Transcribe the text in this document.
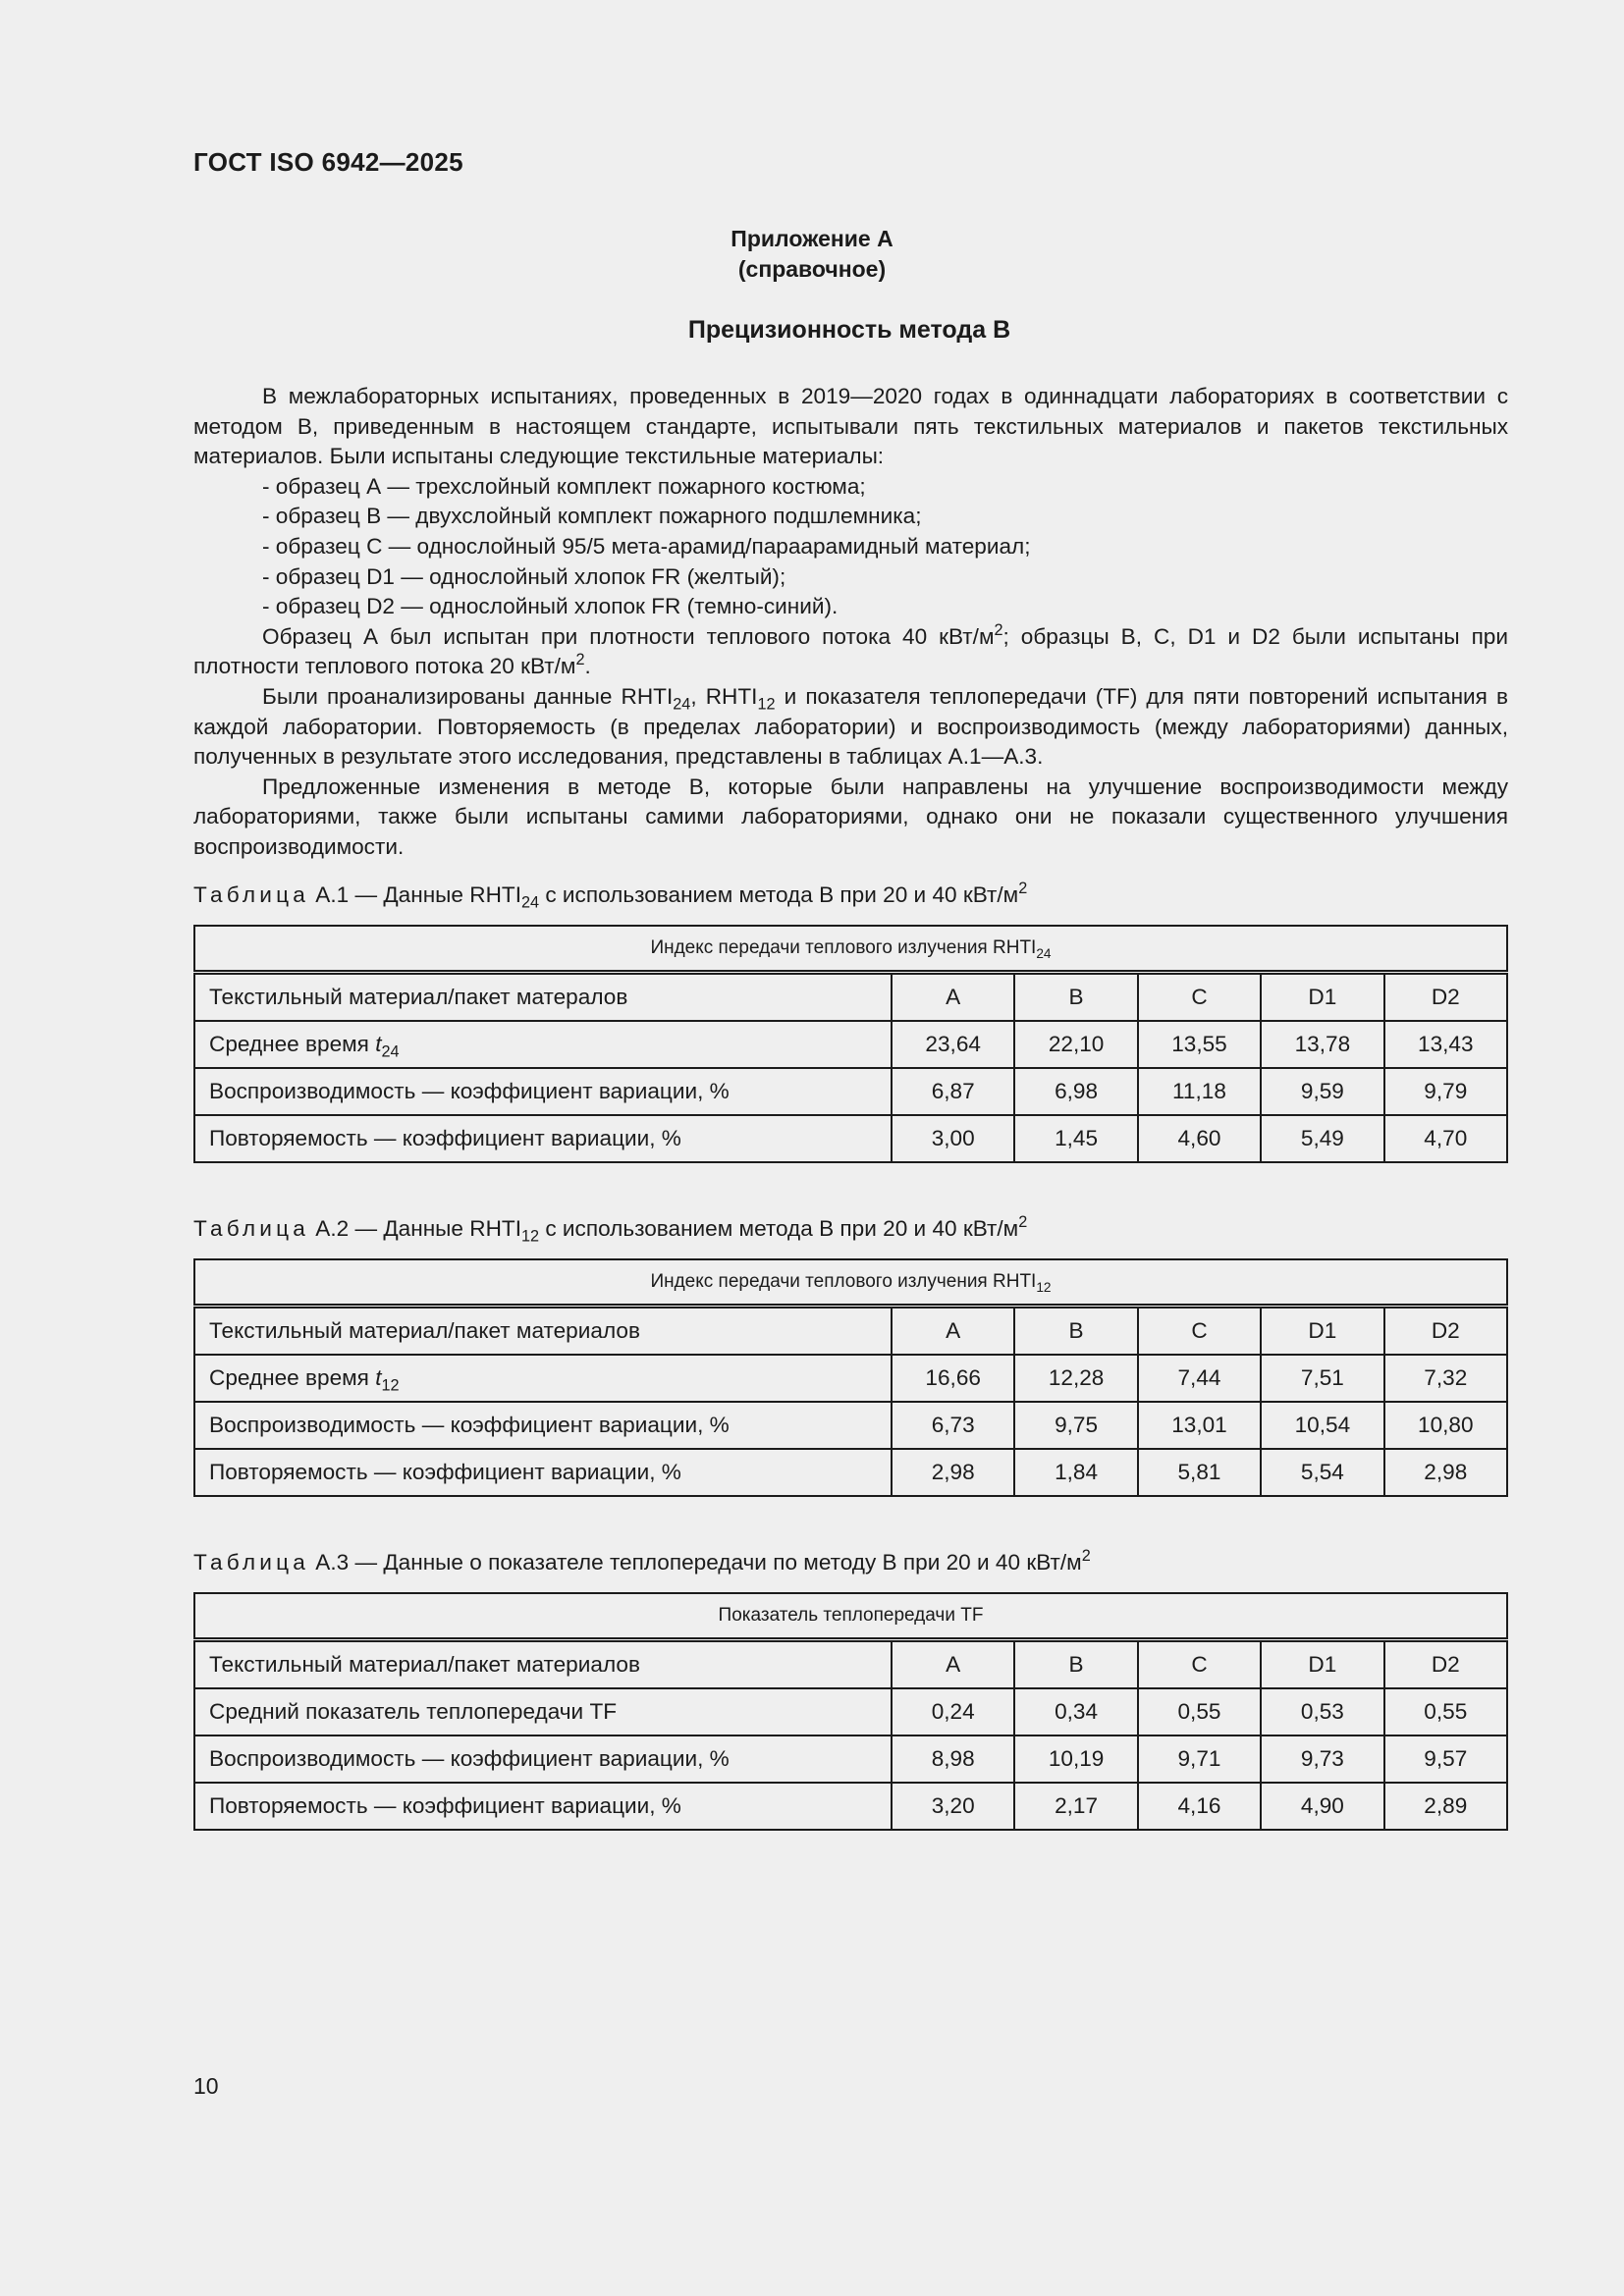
ГОСТ ISO 6942—2025
Приложение А
(справочное)
Прецизионность метода В

В межлабораторных испытаниях, проведенных в 2019—2020 годах в одиннадцати лабораториях в соответствии с методом В, приведенным в настоящем стандарте, испытывали пять текстильных материалов и пакетов текстильных материалов. Были испытаны следующие текстильные материалы:

- образец А — трехслойный комплект пожарного костюма;
- образец В — двухслойный комплект пожарного подшлемника;
- образец С — однослойный 95/5 мета-арамид/параарамидный материал;
- образец D1 — однослойный хлопок FR (желтый);
- образец D2 — однослойный хлопок FR (темно-синий).

Образец А был испытан при плотности теплового потока 40 кВт/$м^2$; образцы В, С, D1 и D2 были испытаны при плотности теплового потока 20 кВт/$м^2$.

Были проанализированы данные $RHTI_{24}$, $RHTI_{12}$ и показателя теплопередачи (TF) для пяти повторений испытания в каждой лаборатории. Повторяемость (в пределах лаборатории) и воспроизводимость (между лабораториями) данных, полученных в результате этого исследования, представлены в таблицах А.1—А.3.

Предложенные изменения в методе В, которые были направлены на улучшение воспроизводимости между лабораториями, также были испытаны самими лабораториями, однако они не показали существенного улучшения воспроизводимости.

Таблица А.1 — Данные $RHTI_{24}$ с использованием метода В при 20 и 40 кВт/$м^2$
Индекс передачи теплового излучения $RHTI_{24}$
Текстильный материал/пакет матералов	А	В	С	D1	D2
Среднее время $t_{24}$	23,64	22,10	13,55	13,78	13,43
Воспроизводимость — коэффициент вариации, %	6,87	6,98	11,18	9,59	9,79
Повторяемость — коэффициент вариации, %	3,00	1,45	4,60	5,49	4,70
Таблица А.2 — Данные $RHTI_{12}$ с использованием метода В при 20 и 40 кВт/$м^2$
Индекс передачи теплового излучения $RHTI_{12}$
Текстильный материал/пакет материалов	А	В	С	D1	D2
Среднее время $t_{12}$	16,66	12,28	7,44	7,51	7,32
Воспроизводимость — коэффициент вариации, %	6,73	9,75	13,01	10,54	10,80
Повторяемость — коэффициент вариации, %	2,98	1,84	5,81	5,54	2,98
Таблица А.3 — Данные о показателе теплопередачи по методу В при 20 и 40 кВт/$м^2$
Показатель теплопередачи TF					
Текстильный материал/пакет материалов	А	В	С	D1	D2
Средний показатель теплопередачи TF	0,24	0,34	0,55	0,53	0,55
Воспроизводимость — коэффициент вариации, %	8,98	10,19	9,71	9,73	9,57
Повторяемость — коэффициент вариации, %	3,20	2,17	4,16	4,90	2,89
10
